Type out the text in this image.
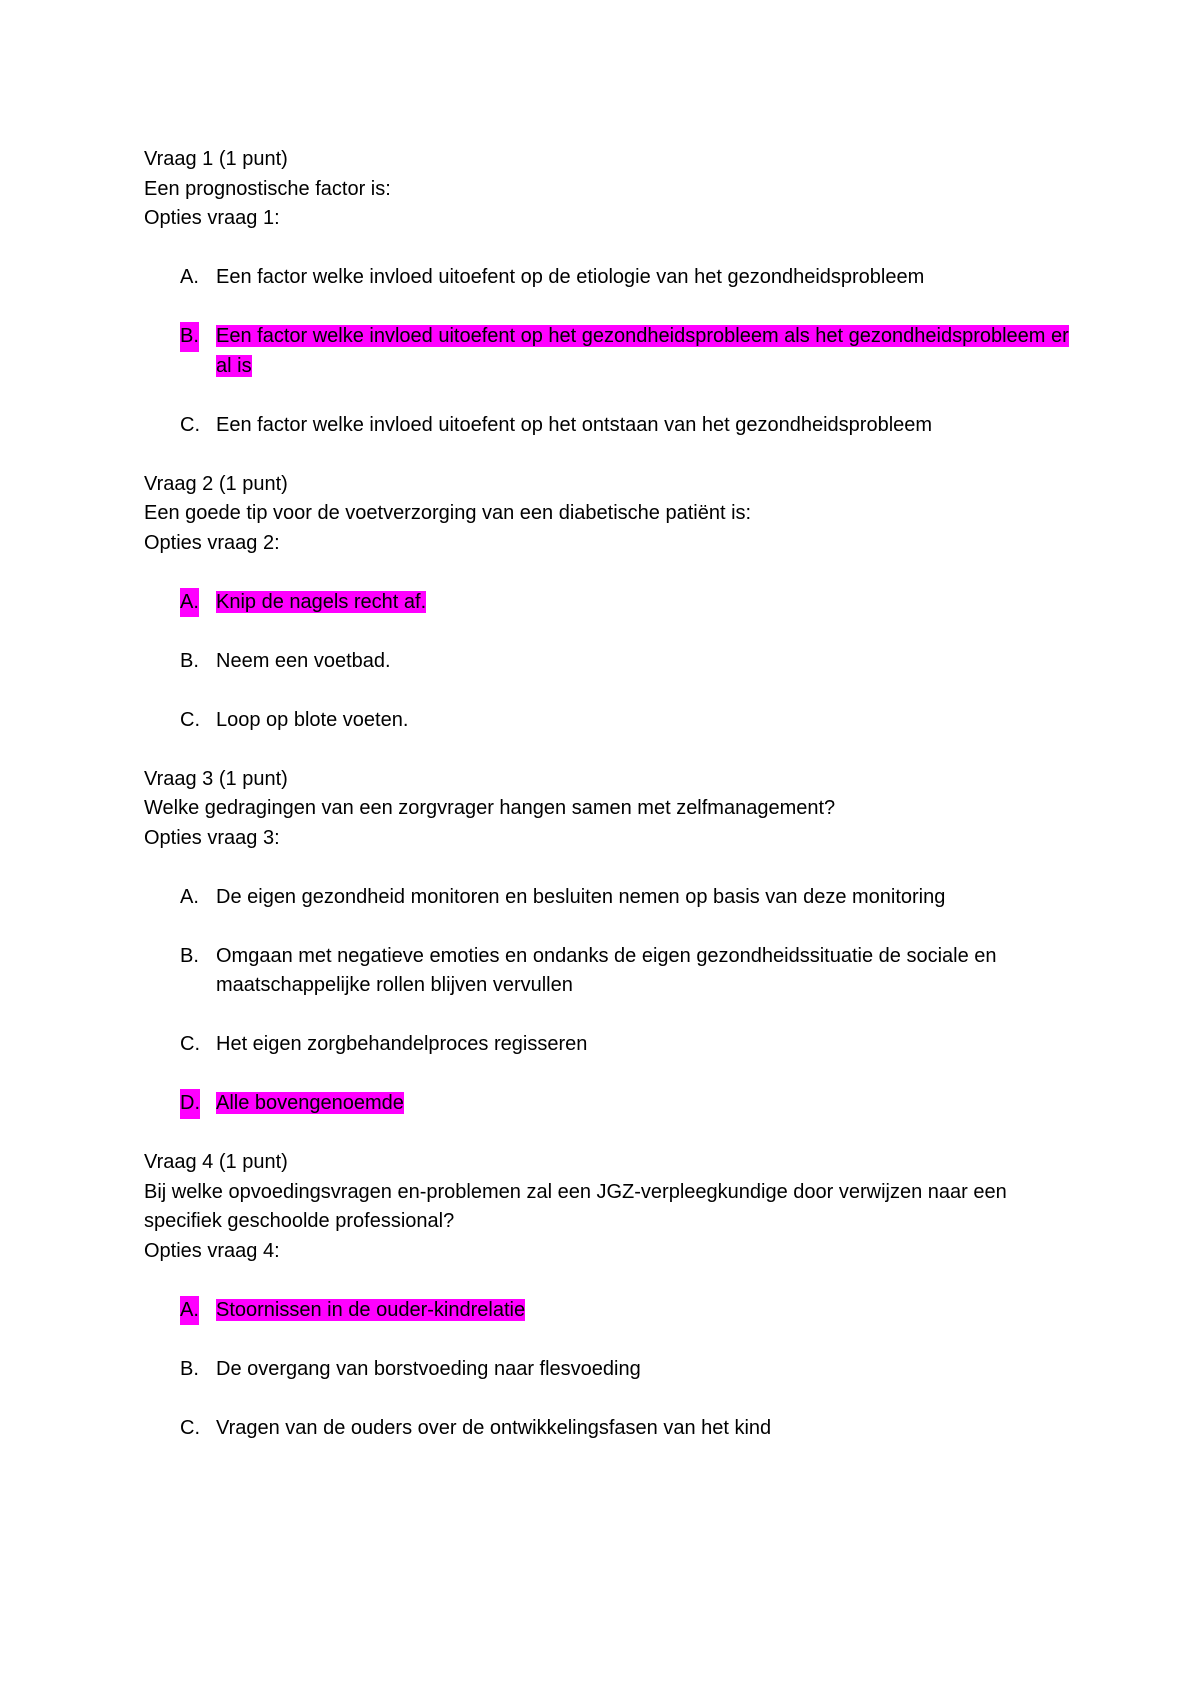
Vraag 1 (1 punt)
Een prognostische factor is:
Opties vraag 1:
A. Een factor welke invloed uitoefent op de etiologie van het gezondheidsprobleem
B. Een factor welke invloed uitoefent op het gezondheidsprobleem als het gezondheidsprobleem er al is
C. Een factor welke invloed uitoefent op het ontstaan van het gezondheidsprobleem
Vraag 2 (1 punt)
Een goede tip voor de voetverzorging van een diabetische patiënt is:
Opties vraag 2:
A. Knip de nagels recht af.
B. Neem een voetbad.
C. Loop op blote voeten.
Vraag 3 (1 punt)
Welke gedragingen van een zorgvrager hangen samen met zelfmanagement?
Opties vraag 3:
A. De eigen gezondheid monitoren en besluiten nemen op basis van deze monitoring
B. Omgaan met negatieve emoties en ondanks de eigen gezondheidssituatie de sociale en maatschappelijke rollen blijven vervullen
C. Het eigen zorgbehandelproces regisseren
D. Alle bovengenoemde
Vraag 4 (1 punt)
Bij welke opvoedingsvragen en-problemen zal een JGZ-verpleegkundige door verwijzen naar een specifiek geschoolde professional?
Opties vraag 4:
A. Stoornissen in de ouder-kindrelatie
B. De overgang van borstvoeding naar flesvoeding
C. Vragen van de ouders over de ontwikkelingsfasen van het kind
